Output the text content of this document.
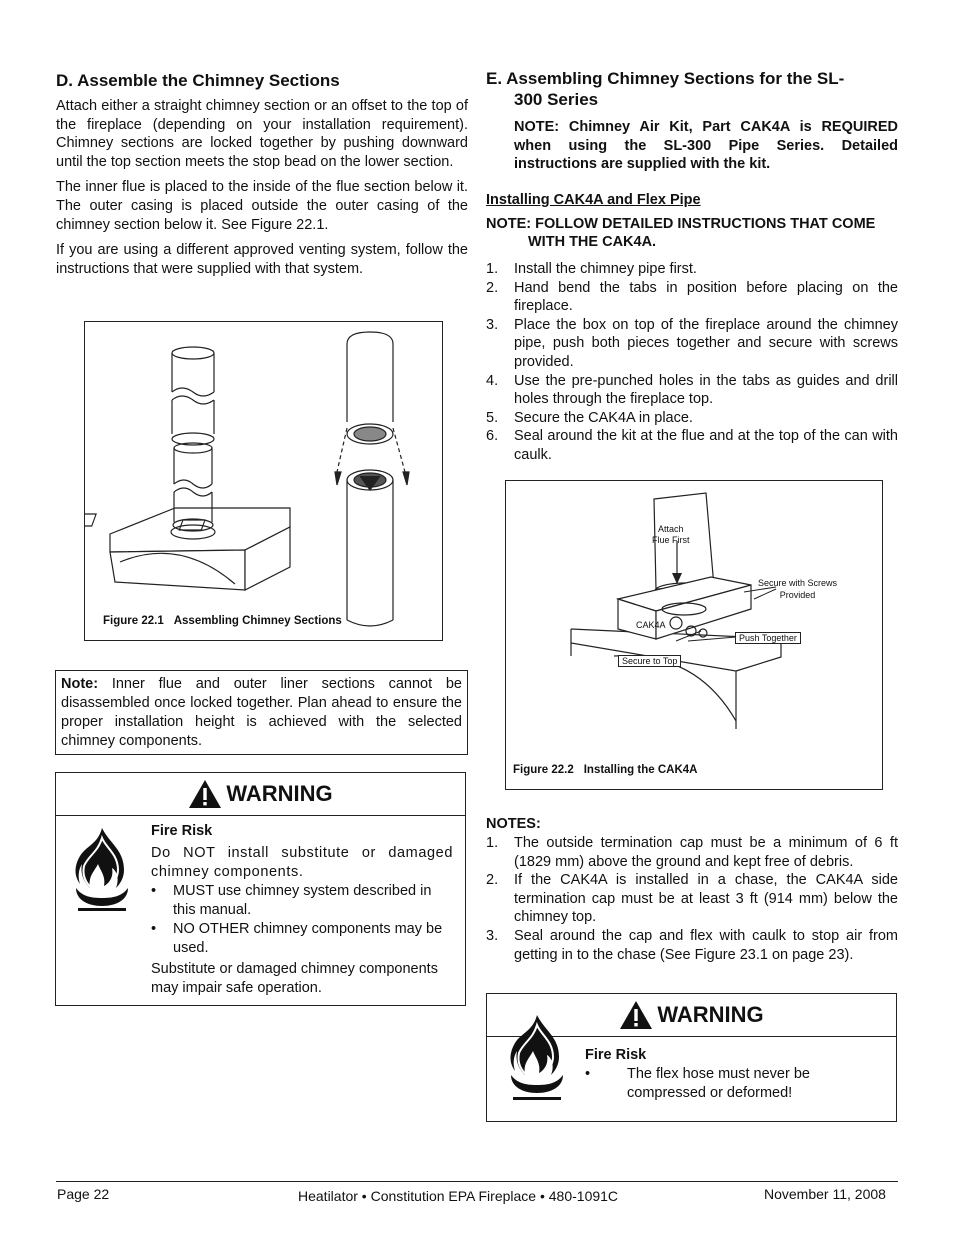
D. Assemble the Chimney Sections

Attach either a straight chimney section or an offset to the top of the fireplace (depending on your installation requirement). Chimney sections are locked together by pushing downward until the top section meets the stop bead on the lower section.

The inner flue is placed to the inside of the flue section below it. The outer casing is placed outside the outer casing of the chimney section below it. See Figure 22.1.

If you are using a different approved venting system, follow the instructions that were supplied with that system.

Figure 22.1 Assembling Chimney Sections
Note: Inner flue and outer liner sections cannot be disassembled once locked together. Plan ahead to ensure the proper installation height is achieved with the selected chimney components.
WARNING
Fire Risk
Do NOT install substitute or damaged chimney components.
• MUST use chimney system described in this manual.
• NO OTHER chimney components may be used.
Substitute or damaged chimney components may impair safe operation.
E. Assembling Chimney Sections for the SL-
300 Series
NOTE: Chimney Air Kit, Part CAK4A is REQUIRED when using the SL-300 Pipe Series. Detailed instructions are supplied with the kit.
Installing CAK4A and Flex Pipe
NOTE: FOLLOW DETAILED INSTRUCTIONS THAT COME
WITH THE CAK4A.
1. Install the chimney pipe first.
2. Hand bend the tabs in position before placing on the fireplace.
3. Place the box on top of the fireplace around the chimney pipe, push both pieces together and secure with screws provided.
4. Use the pre-punched holes in the tabs as guides and drill holes through the fireplace top.
5. Secure the CAK4A in place.
6. Seal around the kit at the flue and at the top of the can with caulk.
Attach
Flue First
Secure with Screws
Provided
CAK4A
Push Together
Secure to Top
Figure 22.2 Installing the CAK4A
NOTES:
1. The outside termination cap must be a minimum of 6 ft (1829 mm) above the ground and kept free of debris.
2. If the CAK4A is installed in a chase, the CAK4A side termination cap must be at least 3 ft (914 mm) below the chimney top.
3. Seal around the cap and flex with caulk to stop air from getting in to the chase (See Figure 23.1 on page 23).
WARNING
Fire Risk
•	The flex hose must never be compressed or deformed!
Page 22	Heatilator • Constitution EPA Fireplace • 480-1091C	November 11, 2008
